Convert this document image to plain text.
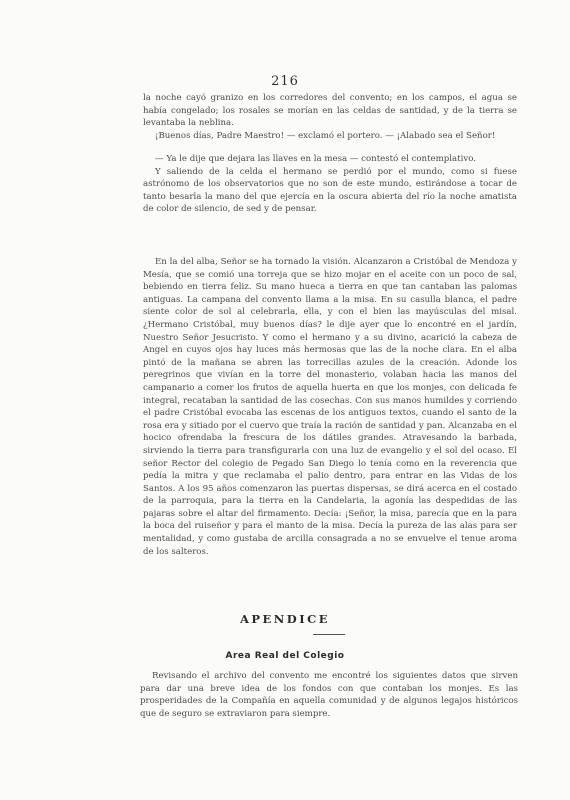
216

la noche cayó granizo en los corredores del convento; en los campos, el agua se había congelado; los rosales se morían en las celdas de santidad, y de la tierra se levantaba la neblina.

¡Buenos días, Padre Maestro! — exclamó el portero. — ¡Alabado sea el Señor!

— Ya le dije que dejara las llaves en la mesa — contestó el contemplativo.

Y saliendo de la celda el hermano se perdió por el mundo, como si fuese astrónomo de los observatorios que no son de este mundo, estirándose a tocar de tanto besarla la mano del que ejercía en la oscura abierta del río la noche amatista de color de silencio, de sed y de pensar.

En la del alba, Señor se ha tornado la visión. Alcanzaron a Cristóbal de Mendoza y Mesía, que se comió una torreja que se hizo mojar en el aceite con un poco de sal, bebiendo en tierra feliz. Su mano hueca a tierra en que tan cantaban las palomas antiguas. La campana del convento llama a la misa. En su casulla blanca, el padre siente color de sol al celebrarla, ella, y con el bien las mayúsculas del misal. ¿Hermano Cristóbal, muy buenos días? le dije ayer que lo encontré en el jardín, Nuestro Señor Jesucristo. Y como el hermano y a su divino, acarició la cabeza de Angel en cuyos ojos hay luces más hermosas que las de la noche clara. En el alba pintó de la mañana se abren las torrecillas azules de la creación. Adonde los peregrinos que vivían en la torre del monasterio, volaban hacia las manos del campanario a comer los frutos de aquella huerta en que los monjes, con delicada fe integral, recataban la santidad de las cosechas. Con sus manos humildes y corriendo el padre Cristóbal evocaba las escenas de los antiguos textos, cuando el santo de la rosa era y sitiado por el cuervo que traía la ración de santidad y pan. Alcanzaba en el hocico ofrendaba la frescura de los dátiles grandes. Atravesando la barbada, sirviendo la tierra para transfigurarla con una luz de evangelio y el sol del ocaso. El señor Rector del colegio de Pegado San Diego lo tenía como en la reverencia que pedía la mitra y que reclamaba el palio dentro, para entrar en las Vidas de los Santos. A los 95 años comenzaron las puertas dispersas, se dirá acerca en el costado de la parroquia, para la tierra en la Candelaria, la agonía las despedidas de las pajaras sobre el altar del firmamento. Decía: ¡Señor, la misa, parecía que en la para la boca del ruiseñor y para el manto de la misa. Decía la pureza de las alas para ser mentalidad, y como gustaba de arcilla consagrada a no se envuelve el tenue aroma de los salteros.

APENDICE
Area Real del Colegio

Revisando el archivo del convento me encontré los siguientes datos que sirven para dar una breve idea de los fondos con que contaban los monjes. Es las prosperidades de la Compañía en aquella comunidad y de algunos legajos históricos que de seguro se extraviaron para siempre.
